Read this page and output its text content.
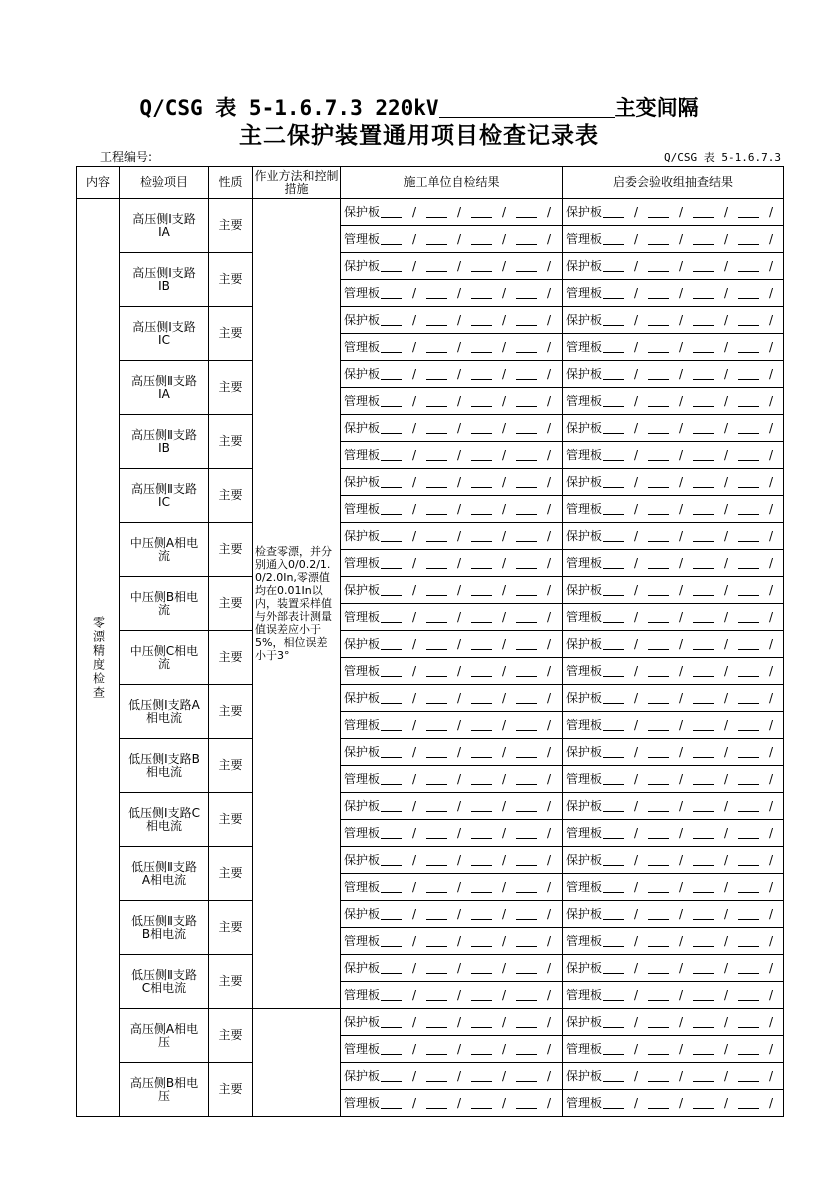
Q/CSG 表 5-1.6.7.3 220kV	主变间隔
主二保护装置通用项目检查记录表
工程编号:	Q/CSG 表 5-1.6.7.3
内容	检验项目	性质	作业方法和控制措施	施工单位自检结果	启委会验收组抽查结果
零漂精度检查	高压侧Ⅰ支路IA	主要	检查零漂，并分别通入0/0.2/1.0/2.0In,零漂值均在0.01In以内，装置采样值与外部表计测量值误差应小于5%，相位误差小于3°	保护板 / / / /	保护板 / / / /
				管理板 / / / /	管理板 / / / /
	高压侧Ⅰ支路IB	主要		保护板 / / / /	保护板 / / / /
				管理板 / / / /	管理板 / / / /
	高压侧Ⅰ支路IC	主要		保护板 / / / /	保护板 / / / /
				管理板 / / / /	管理板 / / / /
	高压侧Ⅱ支路IA	主要		保护板 / / / /	保护板 / / / /
				管理板 / / / /	管理板 / / / /
	高压侧Ⅱ支路IB	主要		保护板 / / / /	保护板 / / / /
				管理板 / / / /	管理板 / / / /
	高压侧Ⅱ支路IC	主要		保护板 / / / /	保护板 / / / /
				管理板 / / / /	管理板 / / / /
	中压侧A相电流	主要		保护板 / / / /	保护板 / / / /
				管理板 / / / /	管理板 / / / /
	中压侧B相电流	主要		保护板 / / / /	保护板 / / / /
				管理板 / / / /	管理板 / / / /
	中压侧C相电流	主要		保护板 / / / /	保护板 / / / /
				管理板 / / / /	管理板 / / / /
	低压侧Ⅰ支路A相电流	主要		保护板 / / / /	保护板 / / / /
				管理板 / / / /	管理板 / / / /
	低压侧Ⅰ支路B相电流	主要		保护板 / / / /	保护板 / / / /
				管理板 / / / /	管理板 / / / /
	低压侧Ⅰ支路C相电流	主要		保护板 / / / /	保护板 / / / /
				管理板 / / / /	管理板 / / / /
	低压侧Ⅱ支路A相电流	主要		保护板 / / / /	保护板 / / / /
				管理板 / / / /	管理板 / / / /
	低压侧Ⅱ支路B相电流	主要		保护板 / / / /	保护板 / / / /
				管理板 / / / /	管理板 / / / /
	低压侧Ⅱ支路C相电流	主要		保护板 / / / /	保护板 / / / /
				管理板 / / / /	管理板 / / / /
	高压侧A相电压	主要		保护板 / / / /	保护板 / / / /
				管理板 / / / /	管理板 / / / /
	高压侧B相电压	主要		保护板 / / / /	保护板 / / / /
				管理板 / / / /	管理板 / / / /
